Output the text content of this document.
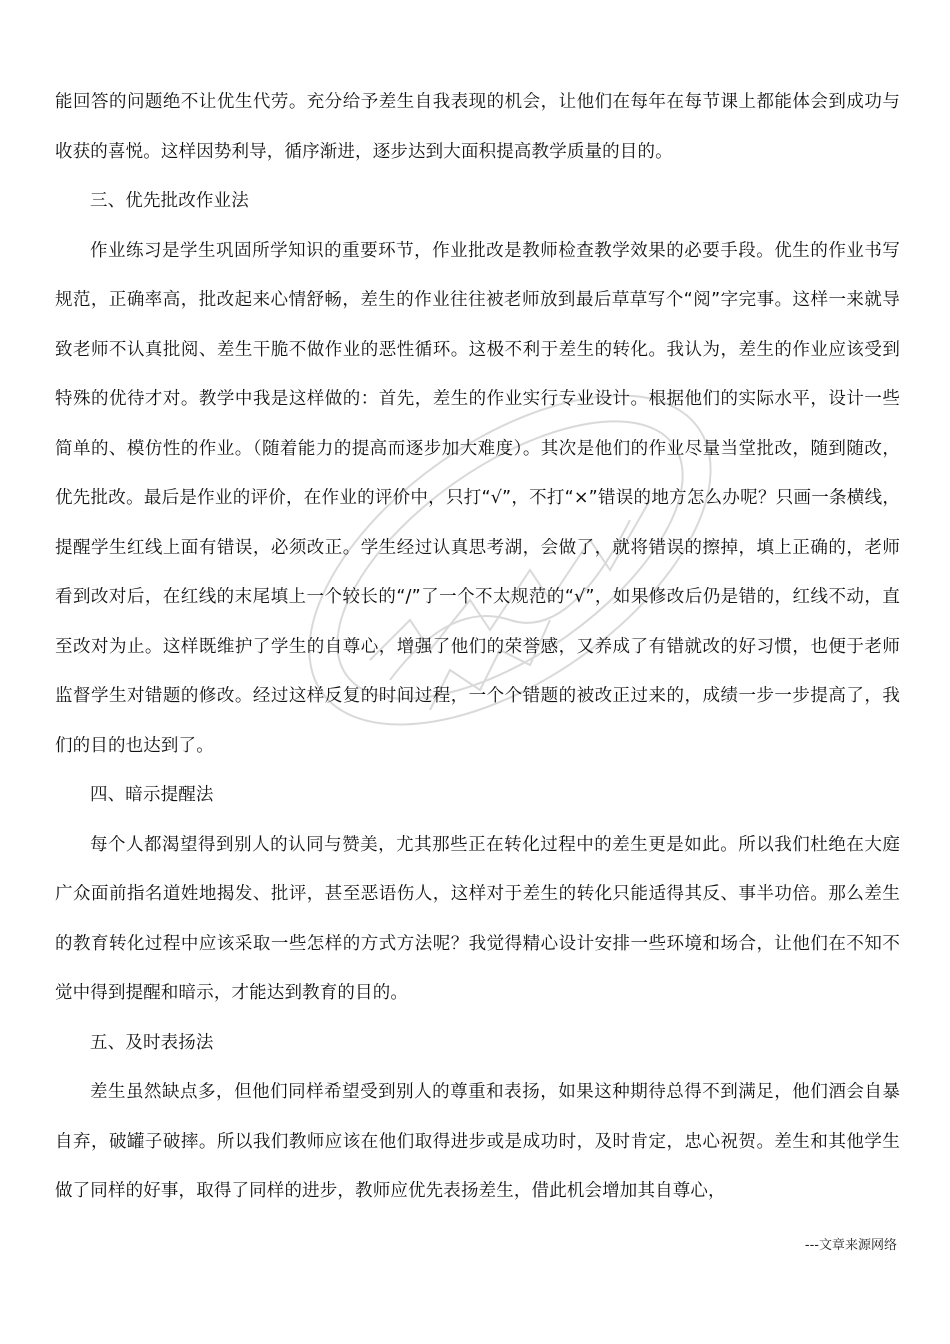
能回答的问题绝不让优生代劳。充分给予差生自我表现的机会，让他们在每年在每节课上都能体会到成功与收获的喜悦。这样因势利导，循序渐进，逐步达到大面积提高教学质量的目的。

三、优先批改作业法

作业练习是学生巩固所学知识的重要环节，作业批改是教师检查教学效果的必要手段。优生的作业书写规范，正确率高，批改起来心情舒畅，差生的作业往往被老师放到最后草草写个“阅”字完事。这样一来就导致老师不认真批阅、差生干脆不做作业的恶性循环。这极不利于差生的转化。我认为，差生的作业应该受到特殊的优待才对。教学中我是这样做的：首先，差生的作业实行专业设计。根据他们的实际水平，设计一些简单的、模仿性的作业。（随着能力的提高而逐步加大难度）。其次是他们的作业尽量当堂批改，随到随改，优先批改。最后是作业的评价，在作业的评价中，只打“√”，不打“×”错误的地方怎么办呢？只画一条横线，提醒学生红线上面有错误，必须改正。学生经过认真思考湖，会做了，就将错误的擦掉，填上正确的，老师看到改对后，在红线的末尾填上一个较长的“/”了一个不太规范的“√”，如果修改后仍是错的，红线不动，直至改对为止。这样既维护了学生的自尊心，增强了他们的荣誉感，又养成了有错就改的好习惯，也便于老师监督学生对错题的修改。经过这样反复的时间过程，一个个错题的被改正过来的，成绩一步一步提高了，我们的目的也达到了。

四、暗示提醒法

每个人都渴望得到别人的认同与赞美，尤其那些正在转化过程中的差生更是如此。所以我们杜绝在大庭广众面前指名道姓地揭发、批评，甚至恶语伤人，这样对于差生的转化只能适得其反、事半功倍。那么差生的教育转化过程中应该采取一些怎样的方式方法呢？我觉得精心设计安排一些环境和场合，让他们在不知不觉中得到提醒和暗示，才能达到教育的目的。

五、及时表扬法

差生虽然缺点多，但他们同样希望受到别人的尊重和表扬，如果这种期待总得不到满足，他们酒会自暴自弃，破罐子破摔。所以我们教师应该在他们取得进步或是成功时，及时肯定，忠心祝贺。差生和其他学生做了同样的好事，取得了同样的进步，教师应优先表扬差生，借此机会增加其自尊心，

---文章来源网络
